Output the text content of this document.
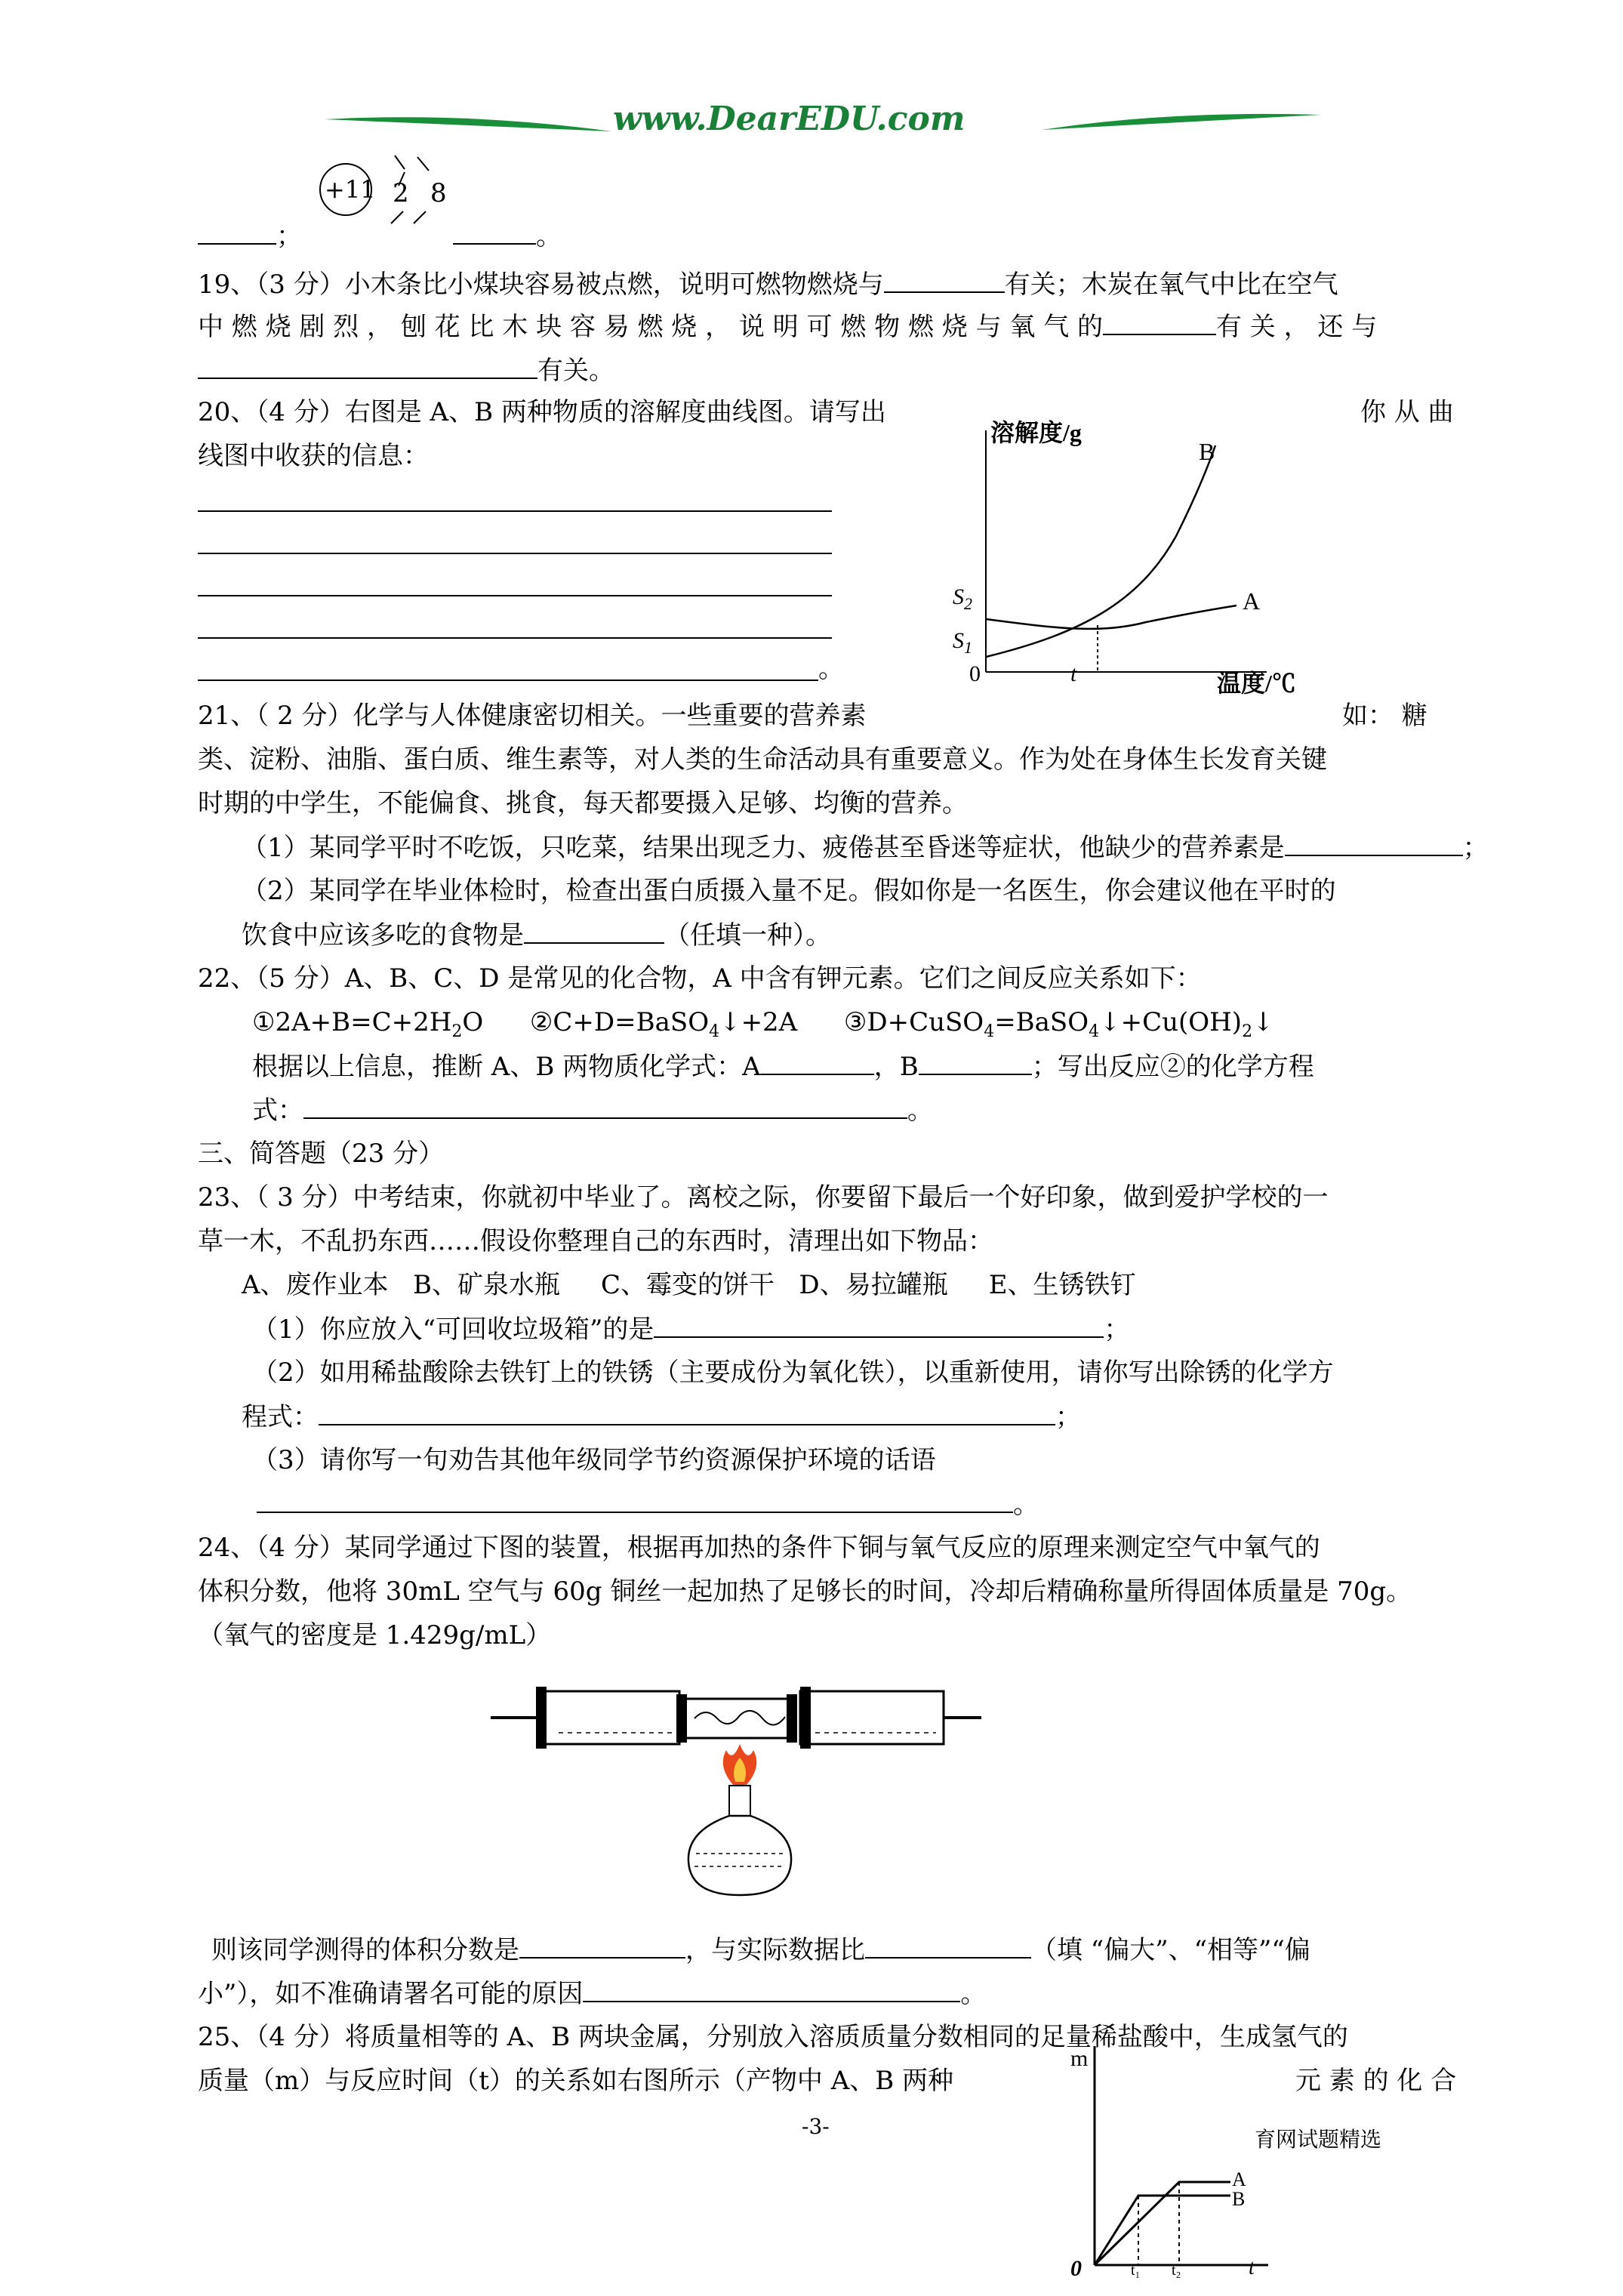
www.DearEDU.com
+11 2 8
；	。
19、（3 分）小木条比小煤块容易被点燃，说明可燃物燃烧与	有关；木炭在氧气中比在空气
中 燃 烧 剧 烈 ， 刨 花 比 木 块 容 易 燃 烧 ， 说 明 可 燃 物 燃 烧 与 氧 气 的	有 关 ， 还 与
有关。
20、（4 分）右图是 A、B 两种物质的溶解度曲线图。请写出	你 从 曲
线图中收获的信息：
。
溶解度/g
B
A
$S_2$
$S_1$
0	t	温度/℃
21、（ 2 分）化学与人体健康密切相关。一些重要的营养素	如： 糖
类、淀粉、油脂、蛋白质、维生素等，对人类的生命活动具有重要意义。作为处在身体生长发育关键
时期的中学生，不能偏食、挑食，每天都要摄入足够、均衡的营养。
（1）某同学平时不吃饭，只吃菜，结果出现乏力、疲倦甚至昏迷等症状，他缺少的营养素是	；
（2）某同学在毕业体检时，检查出蛋白质摄入量不足。假如你是一名医生，你会建议他在平时的
饮食中应该多吃的食物是	（任填一种）。
22、（5 分）A、B、C、D 是常见的化合物，A 中含有钾元素。它们之间反应关系如下：
$①2A+B=C+2H_2O$ ②C+D=BaSO$_4$↓+2A $③D+CuSO_4=BaSO_4↓+Cu(OH)_2↓$
根据以上信息，推断 A、B 两物质化学式：A	，B	；写出反应②的化学方程
式：	。
三、简答题（23 分）
23、（ 3 分）中考结束，你就初中毕业了。离校之际，你要留下最后一个好印象，做到爱护学校的一
草一木，不乱扔东西……假设你整理自己的东西时，清理出如下物品：
A、废作业本   B、矿泉水瓶     C、霉变的饼干   D、易拉罐瓶     E、生锈铁钉
（1）你应放入“可回收垃圾箱”的是	；
（2）如用稀盐酸除去铁钉上的铁锈（主要成份为氧化铁），以重新使用，请你写出除锈的化学方
程式：	；
（3）请你写一句劝告其他年级同学节约资源保护环境的话语
。
24、（4 分）某同学通过下图的装置，根据再加热的条件下铜与氧气反应的原理来测定空气中氧气的
体积分数，他将 30mL 空气与 60g 铜丝一起加热了足够长的时间，冷却后精确称量所得固体质量是 70g。
（氧气的密度是 1.429g/mL）
则该同学测得的体积分数是	，与实际数据比	（填 “偏大”、“相等”“偏
小”），如不准确请署名可能的原因	。
25、（4 分）将质量相等的 A、B 两块金属，分别放入溶质质量分数相同的足量稀盐酸中，生成氢气的
质量（m）与反应时间（t）的关系如右图所示（产物中 A、B 两种	元 素 的 化 合
m
0	t₁ t₂	t
A
B
-3-
育网试题精选
